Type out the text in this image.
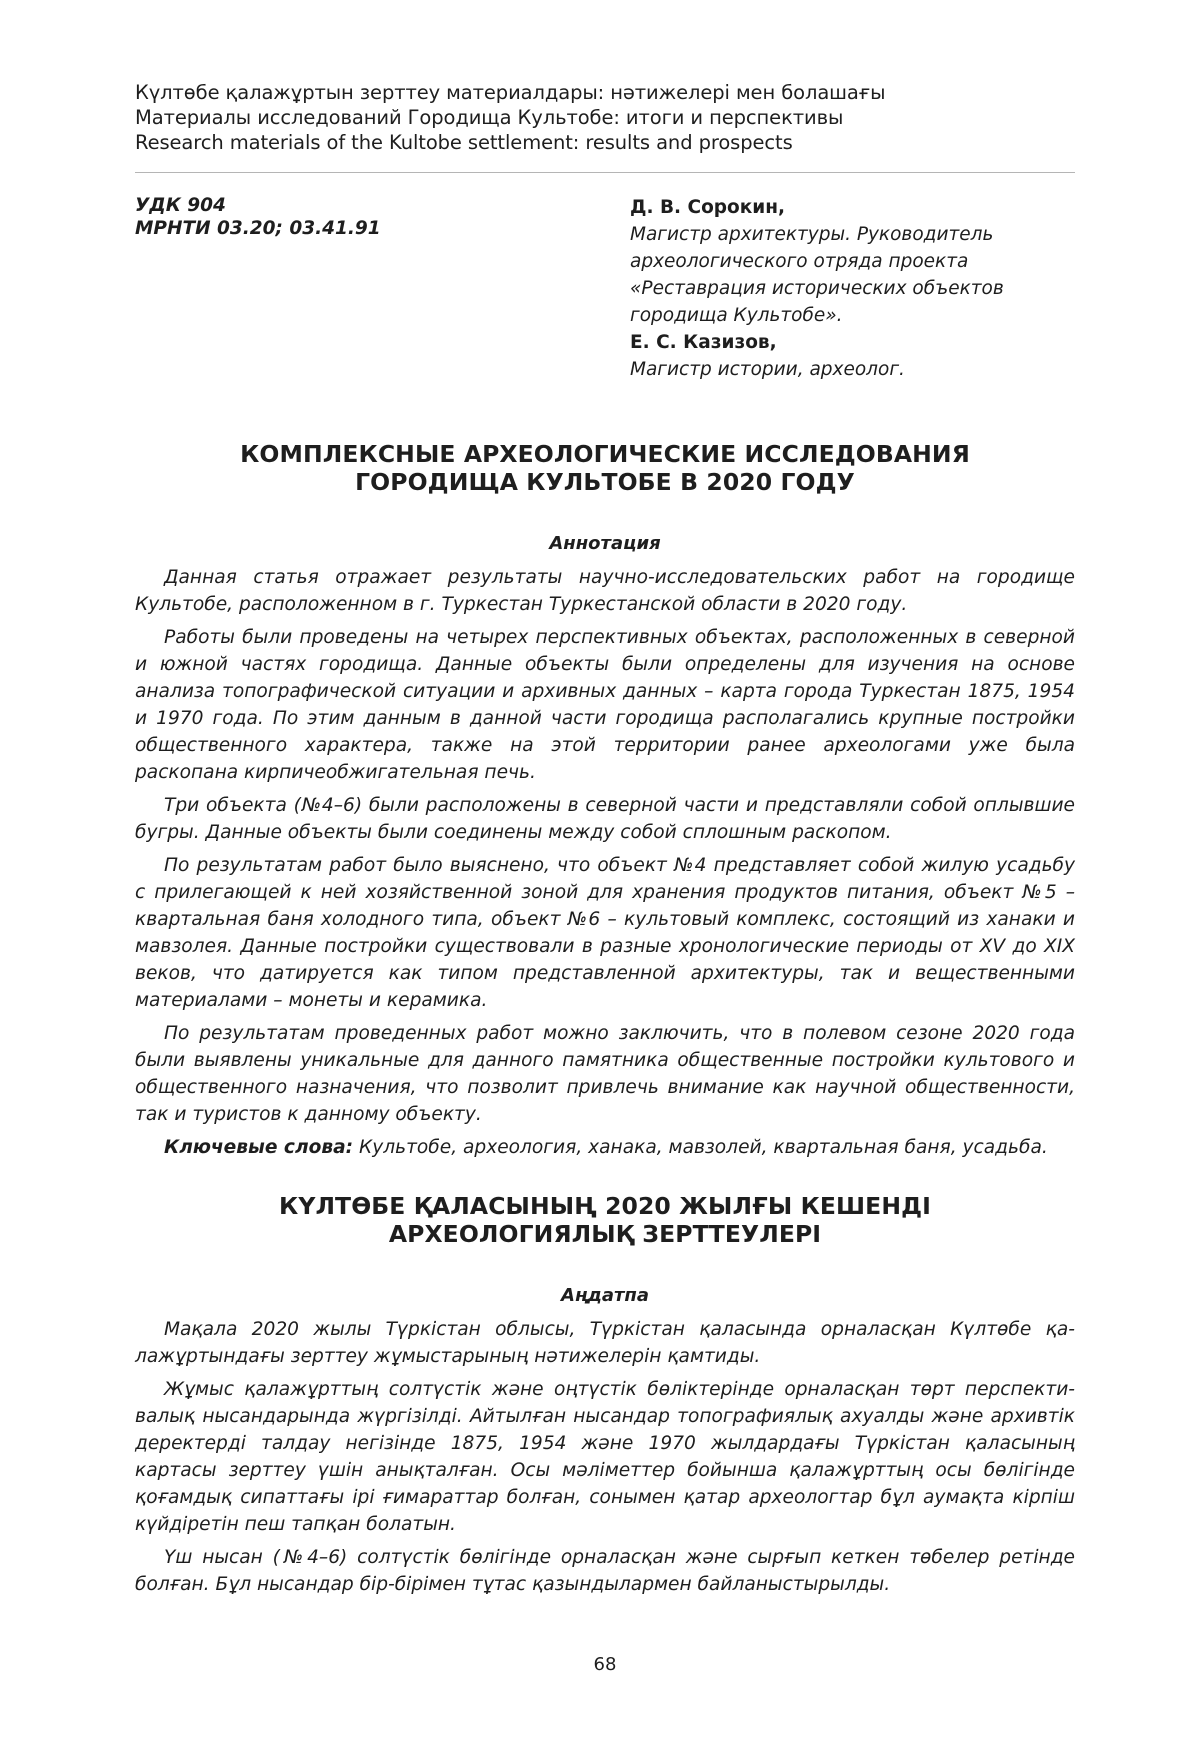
Күлтөбе қалажұртын зерттеу материалдары: нәтижелері мен болашағы
Материалы исследований Городища Культобе: итоги и перспективы
Research materials of the Kultobe settlement: results and prospects
УДК 904
МРНТИ 03.20; 03.41.91
Д. В. Сорокин,
Магистр архитектуры. Руководитель археологического отряда проекта «Реставрация исторических объектов городища Культобе».
Е. С. Казизов,
Магистр истории, археолог.
КОМПЛЕКСНЫЕ АРХЕОЛОГИЧЕСКИЕ ИССЛЕДОВАНИЯ
ГОРОДИЩА КУЛЬТОБЕ В 2020 ГОДУ
Аннотация

Данная статья отражает результаты научно-исследовательских работ на городище Культобе, расположенном в г. Туркестан Туркестанской области в 2020 году.

Работы были проведены на четырех перспективных объектах, расположенных в северной и южной частях городища. Данные объекты были определены для изучения на основе анализа топографической ситуации и архивных данных – карта города Туркестан 1875, 1954 и 1970 года. По этим данным в данной части городища располагались крупные постройки общественного характера, также на этой территории ранее археологами уже была раскопана кирпичеобжигательная печь.

Три объекта (№4–6) были расположены в северной части и представляли собой оплывшие бугры. Данные объекты были соединены между собой сплошным раскопом.

По результатам работ было выяснено, что объект №4 представляет собой жилую усадьбу с прилегающей к ней хозяйственной зоной для хранения продуктов питания, объект №5 – квартальная баня холодного типа, объект №6 – культовый комплекс, состоящий из ханаки и мавзолея. Данные постройки существовали в разные хронологические периоды от XV до XIX веков, что датируется как типом представленной архитектуры, так и вещественными материалами – монеты и керамика.

По результатам проведенных работ можно заключить, что в полевом сезоне 2020 года были выявлены уникальные для данного памятника общественные постройки культового и общественного назначения, что позволит привлечь внимание как научной общественности, так и туристов к данному объекту.

Ключевые слова: Культобе, археология, ханака, мавзолей, квартальная баня, усадьба.

КҮЛТӨБЕ ҚАЛАСЫНЫҢ 2020 ЖЫЛҒЫ КЕШЕНДІ
АРХЕОЛОГИЯЛЫҚ ЗЕРТТЕУЛЕРІ
Аңдатпа

Мақала 2020 жылы Түркістан облысы, Түркістан қаласында орналасқан Күлтөбе қалажұртындағы зерттеу жұмыстарының нәтижелерін қамтиды.

Жұмыс қалажұрттың солтүстік және оңтүстік бөліктерінде орналасқан төрт перспективалық нысандарында жүргізілді. Айтылған нысандар топографиялық ахуалды және архивтік деректерді талдау негізінде 1875, 1954 және 1970 жылдардағы Түркістан қаласының картасы зерттеу үшін анықталған. Осы мәліметтер бойынша қалажұрттың осы бөлігінде қоғамдық сипаттағы ірі ғимараттар болған, сонымен қатар археологтар бұл аумақта кірпіш күйдіретін пеш тапқан болатын.

Үш нысан (№4–6) солтүстік бөлігінде орналасқан және сырғып кеткен төбелер ретінде болған. Бұл нысандар бір-бірімен тұтас қазындылармен байланыстырылды.

68
